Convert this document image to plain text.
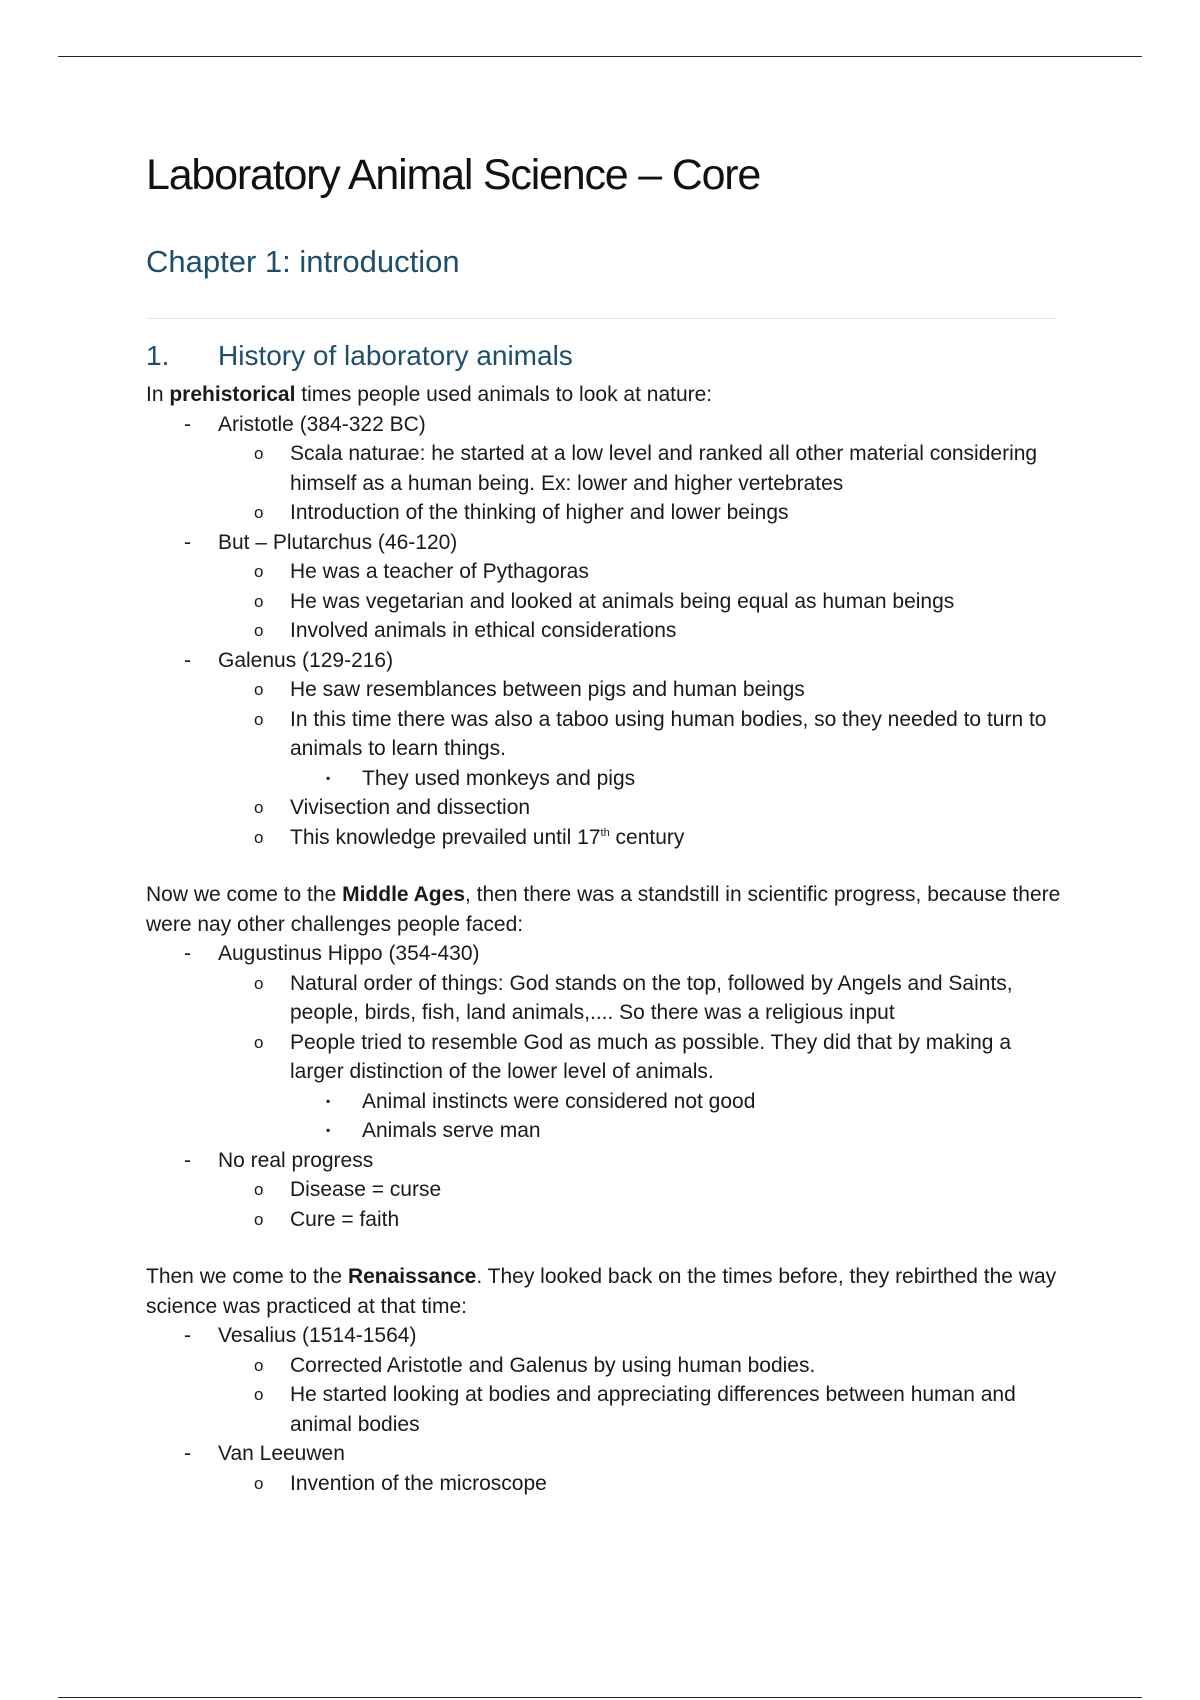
Laboratory Animal Science – Core
Chapter 1: introduction
1.	History of laboratory animals

In prehistorical times people used animals to look at nature:

- Aristotle (384-322 BC)
o Scala naturae: he started at a low level and ranked all other material considering himself as a human being. Ex: lower and higher vertebrates
o Introduction of the thinking of higher and lower beings
- But – Plutarchus (46-120)
o He was a teacher of Pythagoras
o He was vegetarian and looked at animals being equal as human beings
o Involved animals in ethical considerations
- Galenus (129-216)
o He saw resemblances between pigs and human beings
o In this time there was also a taboo using human bodies, so they needed to turn to animals to learn things.
▪ They used monkeys and pigs
o Vivisection and dissection
o This knowledge prevailed until 17th century

Now we come to the Middle Ages, then there was a standstill in scientific progress, because there were nay other challenges people faced:

- Augustinus Hippo (354-430)
o Natural order of things: God stands on the top, followed by Angels and Saints, people, birds, fish, land animals,.... So there was a religious input
o People tried to resemble God as much as possible. They did that by making a larger distinction of the lower level of animals.
▪ Animal instincts were considered not good
▪ Animals serve man
- No real progress
o Disease = curse
o Cure = faith

Then we come to the Renaissance. They looked back on the times before, they rebirthed the way science was practiced at that time:

- Vesalius (1514-1564)
o Corrected Aristotle and Galenus by using human bodies.
o He started looking at bodies and appreciating differences between human and animal bodies
- Van Leeuwen
o Invention of the microscope
